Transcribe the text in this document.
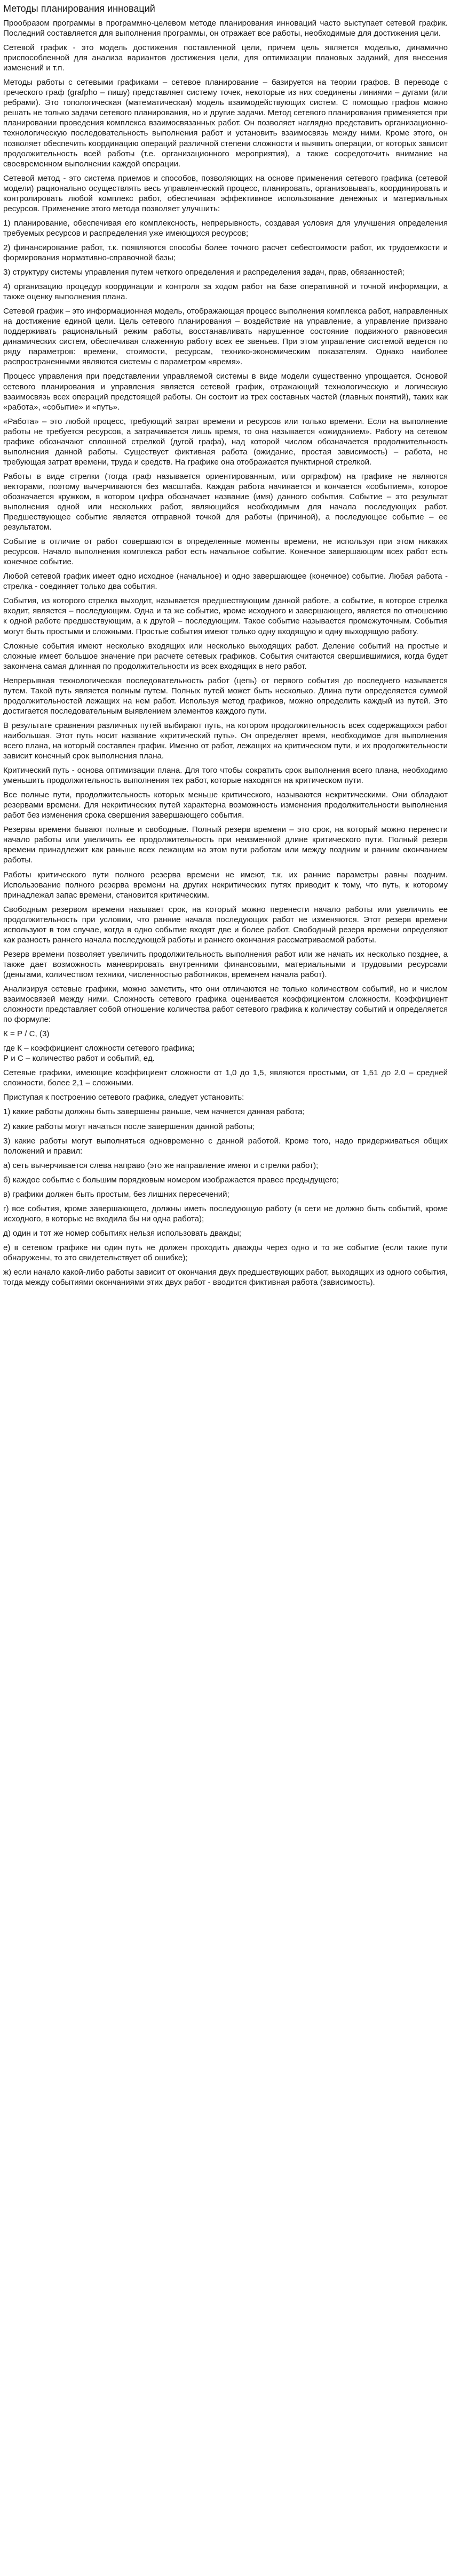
Методы планирования инноваций

Прообразом программы в программно-целевом методе планирования инноваций часто выступает сетевой график. Последний составляется для выполнения программы, он отражает все работы, необходимые для достижения цели.

Сетевой график - это модель достижения поставленной цели, причем цель является моделью, динамично приспособленной для анализа вариантов достижения цели, для оптимизации плановых заданий, для внесения изменений и т.п.

Методы работы с сетевыми графиками – сетевое планирование – базируется на теории графов. В переводе с греческого граф (grafpho – пишу) представляет систему точек, некоторые из них соединены линиями – дугами (или ребрами). Это топологическая (математическая) модель взаимодействующих систем. С помощью графов можно решать не только задачи сетевого планирования, но и другие задачи. Метод сетевого планирования применяется при планировании проведения комплекса взаимосвязанных работ. Он позволяет наглядно представить организационно-технологическую последовательность выполнения работ и установить взаимосвязь между ними. Кроме этого, он позволяет обеспечить координацию операций различной степени сложности и выявить операции, от которых зависит продолжительность всей работы (т.е. организационного мероприятия), а также сосредоточить внимание на своевременном выполнении каждой операции.

Сетевой метод - это система приемов и способов, позволяющих на основе применения сетевого графика (сетевой модели) рационально осуществлять весь управленческий процесс, планировать, организовывать, координировать и контролировать любой комплекс работ, обеспечивая эффективное использование денежных и материальных ресурсов. Применение этого метода позволяет улучшить:

1) планирование, обеспечивая его комплексность, непрерывность, создавая условия для улучшения определения требуемых ресурсов и распределения уже имеющихся ресурсов;

2) финансирование работ, т.к. появляются способы более точного расчет себестоимости работ, их трудоемкости и формирования нормативно-справочной базы;

3) структуру системы управления путем четкого определения и распределения задач, прав, обязанностей;

4) организацию процедур координации и контроля за ходом работ на базе оперативной и точной информации, а также оценку выполнения плана.

Сетевой график – это информационная модель, отображающая процесс выполнения комплекса работ, направленных на достижение единой цели. Цель сетевого планирования – воздействие на управление, а управление призвано поддерживать рациональный режим работы, восстанавливать нарушенное состояние подвижного равновесия динамических систем, обеспечивая слаженную работу всех ее звеньев. При этом управление системой ведется по ряду параметров: времени, стоимости, ресурсам, технико-экономическим показателям. Однако наиболее распространенными являются системы с параметром «время».

Процесс управления при представлении управляемой системы в виде модели существенно упрощается. Основой сетевого планирования и управления является сетевой график, отражающий технологическую и логическую взаимосвязь всех операций предстоящей работы. Он состоит из трех составных частей (главных понятий), таких как «работа», «событие» и «путь».

«Работа» – это любой процесс, требующий затрат времени и ресурсов или только времени. Если на выполнение работы не требуется ресурсов, а затрачивается лишь время, то она называется «ожиданием». Работу на сетевом графике обозначают сплошной стрелкой (дугой графа), над которой числом обозначается продолжительность выполнения данной работы. Существует фиктивная работа (ожидание, простая зависимость) – работа, не требующая затрат времени, труда и средств. На графике она отображается пунктирной стрелкой.

Работы в виде стрелки (тогда граф называется ориентированным, или орграфом) на графике не являются векторами, поэтому вычерчиваются без масштаба. Каждая работа начинается и кончается «событием», которое обозначается кружком, в котором цифра обозначает название (имя) данного события. Событие – это результат выполнения одной или нескольких работ, являющийся необходимым для начала последующих работ. Предшествующее событие является отправной точкой для работы (причиной), а последующее событие – ее результатом.

Событие в отличие от работ совершаются в определенные моменты времени, не используя при этом никаких ресурсов. Начало выполнения комплекса работ есть начальное событие. Конечное завершающим всех работ есть конечное событие.

Любой сетевой график имеет одно исходное (начальное) и одно завершающее (конечное) событие. Любая работа - стрелка - соединяет только два события.

События, из которого стрелка выходит, называется предшествующим данной работе, а событие, в которое стрелка входит, является – последующим. Одна и та же событие, кроме исходного и завершающего, является по отношению к одной работе предшествующим, а к другой – последующим. Такое событие называется промежуточным. События могут быть простыми и сложными. Простые события имеют только одну входящую и одну выходящую работу.

Сложные события имеют несколько входящих или несколько выходящих работ. Деление событий на простые и сложные имеет большое значение при расчете сетевых графиков. События считаются свершившимися, когда будет закончена самая длинная по продолжительности из всех входящих в него работ.

Непрерывная технологическая последовательность работ (цепь) от первого события до последнего называется путем. Такой путь является полным путем. Полных путей может быть несколько. Длина пути определяется суммой продолжительностей лежащих на нем работ. Используя метод графиков, можно определить каждый из путей. Это достигается последовательным выявлением элементов каждого пути.

В результате сравнения различных путей выбирают путь, на котором продолжительность всех содержащихся работ наибольшая. Этот путь носит название «критический путь». Он определяет время, необходимое для выполнения всего плана, на который составлен график. Именно от работ, лежащих на критическом пути, и их продолжительности зависит конечный срок выполнения плана.

Критический путь - основа оптимизации плана. Для того чтобы сократить срок выполнения всего плана, необходимо уменьшить продолжительность выполнения тех работ, которые находятся на критическом пути.

Все полные пути, продолжительность которых меньше критического, называются некритическими. Они обладают резервами времени. Для некритических путей характерна возможность изменения продолжительности выполнения работ без изменения срока свершения завершающего события.

Резервы времени бывают полные и свободные. Полный резерв времени – это срок, на который можно перенести начало работы или увеличить ее продолжительность при неизменной длине критического пути. Полный резерв времени принадлежит как раньше всех лежащим на этом пути работам или между поздним и ранним окончанием работы.

Работы критического пути полного резерва времени не имеют, т.к. их ранние параметры равны поздним. Использование полного резерва времени на других некритических путях приводит к тому, что путь, к которому принадлежал запас времени, становится критическим.

Свободным резервом времени называет срок, на который можно перенести начало работы или увеличить ее продолжительность при условии, что ранние начала последующих работ не изменяются. Этот резерв времени используют в том случае, когда в одно событие входят две и более работ. Свободный резерв времени определяют как разность раннего начала последующей работы и раннего окончания рассматриваемой работы.

Резерв времени позволяет увеличить продолжительность выполнения работ или же начать их несколько позднее, а также дает возможность маневрировать внутренними финансовыми, материальными и трудовыми ресурсами (деньгами, количеством техники, численностью работников, временем начала работ).

Анализируя сетевые графики, можно заметить, что они отличаются не только количеством событий, но и числом взаимосвязей между ними. Сложность сетевого графика оценивается коэффициентом сложности. Коэффициент сложности представляет собой отношение количества работ сетевого графика к количеству событий и определяется по формуле:

К = Р / С, (3)

где К – коэффициент сложности сетевого графика;
Р и С – количество работ и событий, ед.

Сетевые графики, имеющие коэффициент сложности от 1,0 до 1,5, являются простыми, от 1,51 до 2,0 – средней сложности, более 2,1 – сложными.

Приступая к построению сетевого графика, следует установить:

1) какие работы должны быть завершены раньше, чем начнется данная работа;

2) какие работы могут начаться после завершения данной работы;

3) какие работы могут выполняться одновременно с данной работой. Кроме того, надо придерживаться общих положений и правил:

а) сеть вычерчивается слева направо (это же направление имеют и стрелки работ);

б) каждое событие с большим порядковым номером изображается правее предыдущего;

в) графики должен быть простым, без лишних пересечений;

г) все события, кроме завершающего, должны иметь последующую работу (в сети не должно быть событий, кроме исходного, в которые не входила бы ни одна работа);

д) один и тот же номер событиях нельзя использовать дважды;

е) в сетевом графике ни один путь не должен проходить дважды через одно и то же событие (если такие пути обнаружены, то это свидетельствует об ошибке);

ж) если начало какой-либо работы зависит от окончания двух предшествующих работ, выходящих из одного события, тогда между событиями окончаниями этих двух работ - вводится фиктивная работа (зависимость).
